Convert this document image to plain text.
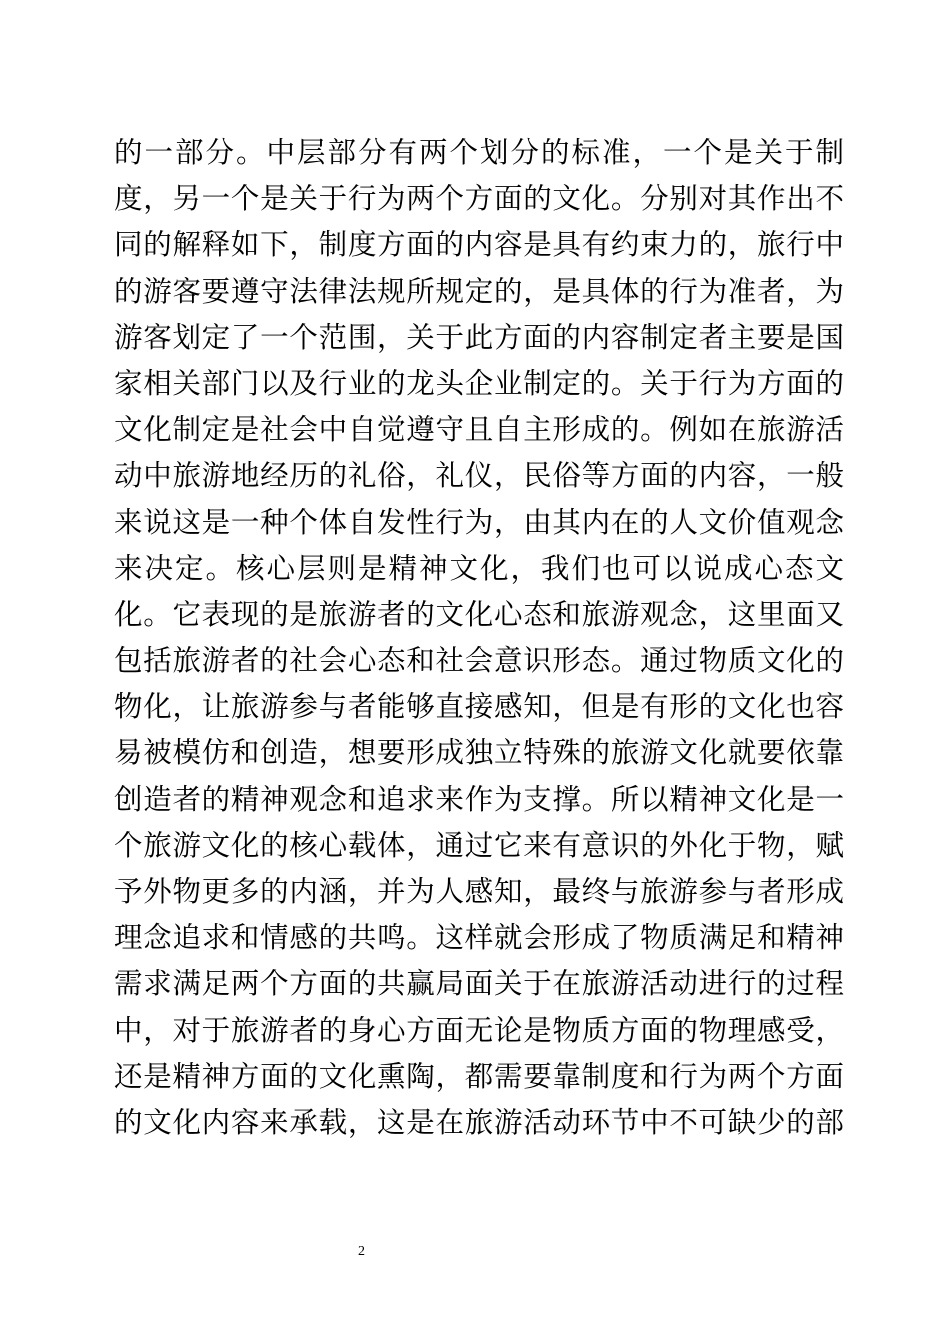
的一部分。中层部分有两个划分的标准，一个是关于制
度，另一个是关于行为两个方面的文化。分别对其作出不
同的解释如下，制度方面的内容是具有约束力的，旅行中
的游客要遵守法律法规所规定的，是具体的行为准者，为
游客划定了一个范围，关于此方面的内容制定者主要是国
家相关部门以及行业的龙头企业制定的。关于行为方面的
文化制定是社会中自觉遵守且自主形成的。例如在旅游活
动中旅游地经历的礼俗，礼仪，民俗等方面的内容，一般
来说这是一种个体自发性行为，由其内在的人文价值观念
来决定。核心层则是精神文化，我们也可以说成心态文
化。它表现的是旅游者的文化心态和旅游观念，这里面又
包括旅游者的社会心态和社会意识形态。通过物质文化的
物化，让旅游参与者能够直接感知，但是有形的文化也容
易被模仿和创造，想要形成独立特殊的旅游文化就要依靠
创造者的精神观念和追求来作为支撑。所以精神文化是一
个旅游文化的核心载体，通过它来有意识的外化于物，赋
予外物更多的内涵，并为人感知，最终与旅游参与者形成
理念追求和情感的共鸣。这样就会形成了物质满足和精神
需求满足两个方面的共赢局面关于在旅游活动进行的过程
中，对于旅游者的身心方面无论是物质方面的物理感受，
还是精神方面的文化熏陶，都需要靠制度和行为两个方面
的文化内容来承载，这是在旅游活动环节中不可缺少的部
2
